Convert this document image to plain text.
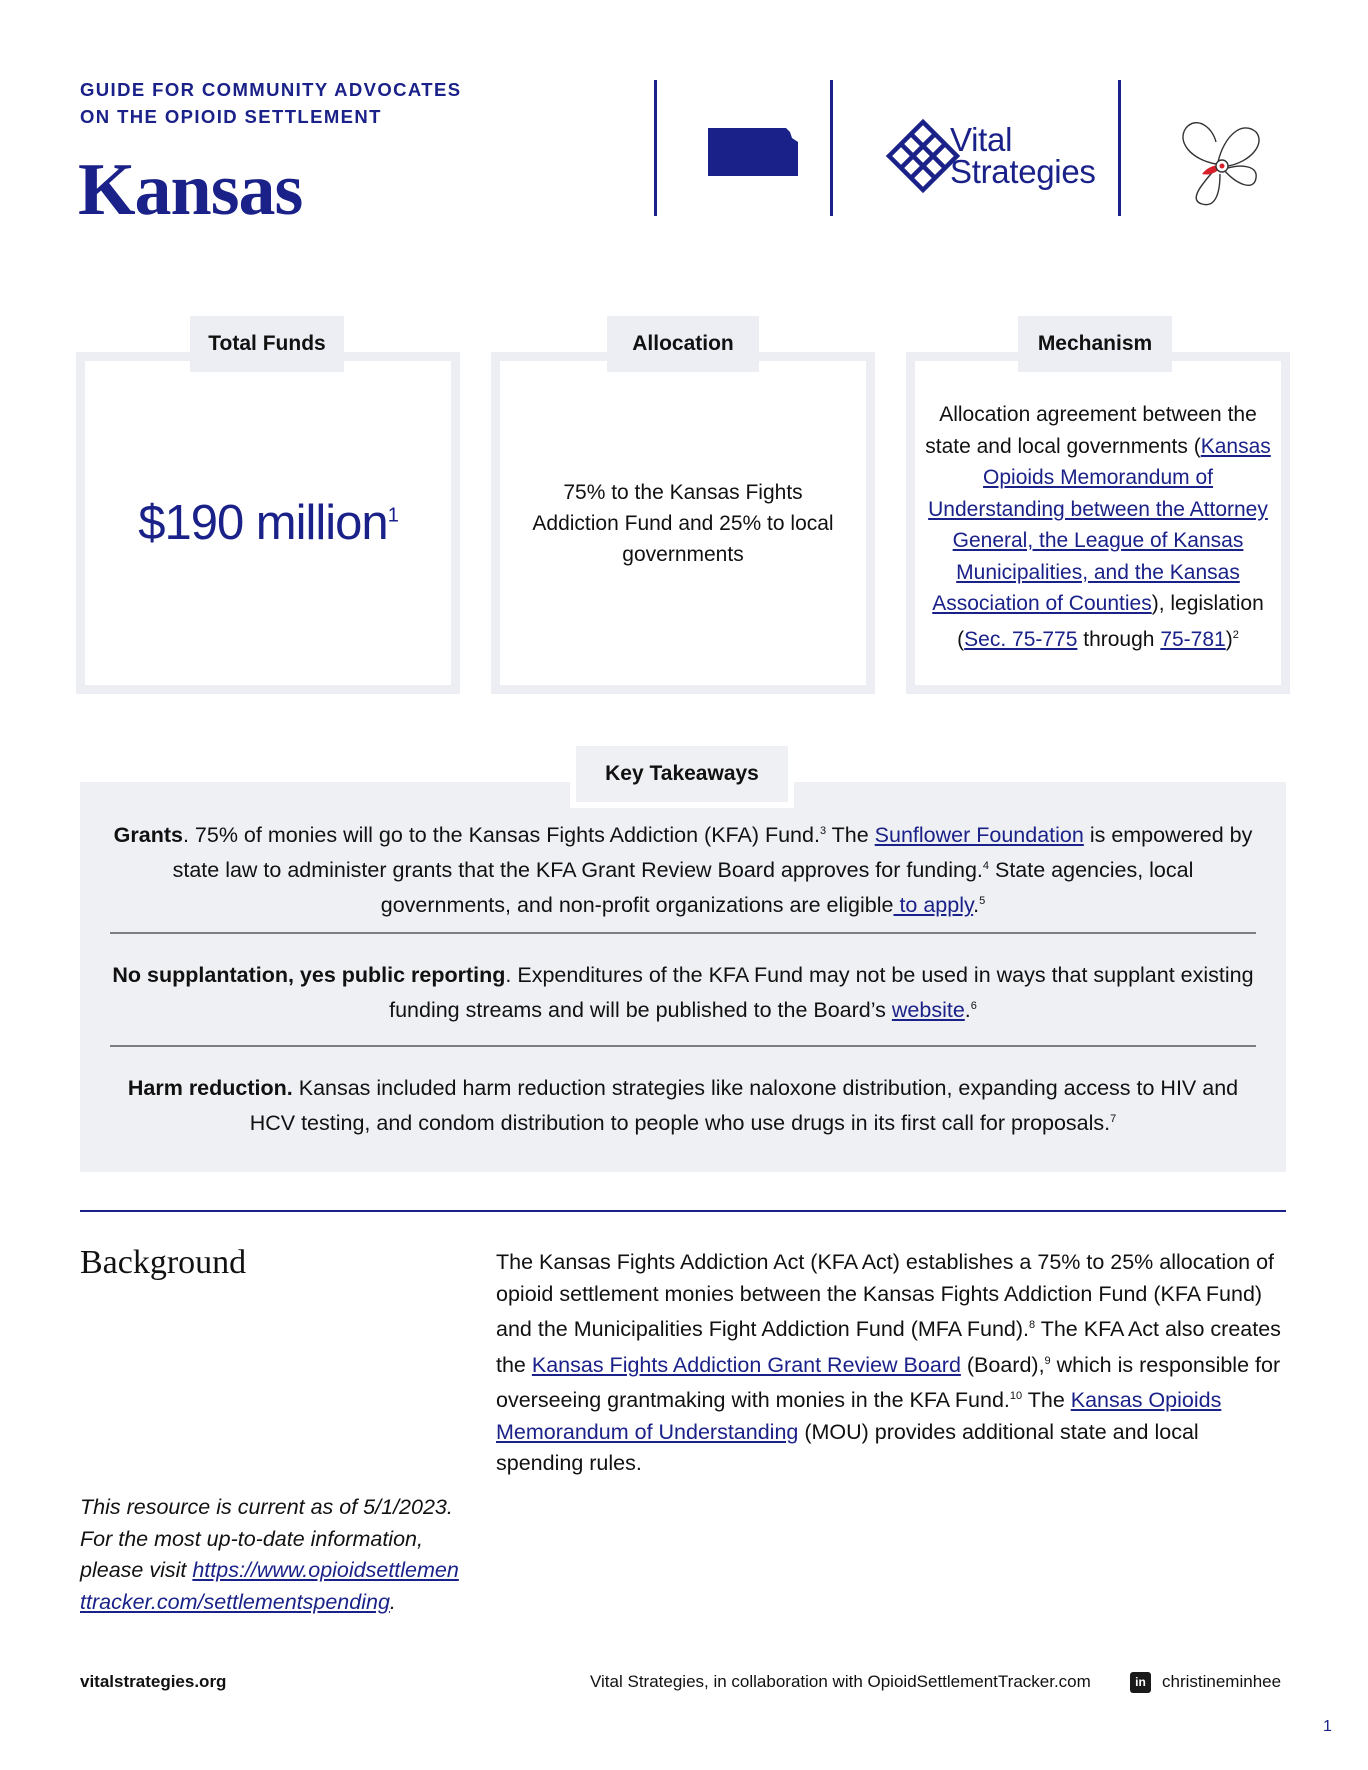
GUIDE FOR COMMUNITY ADVOCATES
ON THE OPIOID SETTLEMENT
Kansas
Vital
Strategies
$190 million$^1$
Total Funds
75% to the Kansas Fights Addiction Fund and 25% to local governments
Allocation
Allocation agreement between the state and local governments (Kansas Opioids Memorandum of Understanding between the Attorney General, the League of Kansas Municipalities, and the Kansas Association of Counties), legislation (Sec. 75-775 through 75-781)$^2$
Mechanism
Key Takeaways
Grants. 75% of monies will go to the Kansas Fights Addiction (KFA) Fund.$^3$ The Sunflower Foundation is empowered by state law to administer grants that the KFA Grant Review Board approves for funding.$^4$ State agencies, local governments, and non-profit organizations are eligible to apply.$^5$
No supplantation, yes public reporting. Expenditures of the KFA Fund may not be used in ways that supplant existing funding streams and will be published to the Board’s website.$^6$
Harm reduction. Kansas included harm reduction strategies like naloxone distribution, expanding access to HIV and HCV testing, and condom distribution to people who use drugs in its first call for proposals.$^7$
Background	The Kansas Fights Addiction Act (KFA Act) establishes a 75% to 25% allocation of opioid settlement monies between the Kansas Fights Addiction Fund (KFA Fund) and the Municipalities Fight Addiction Fund (MFA Fund).$^8$ The KFA Act also creates the Kansas Fights Addiction Grant Review Board (Board),$^9$ which is responsible for overseeing grantmaking with monies in the KFA Fund.$^{10}$ The Kansas Opioids Memorandum of Understanding (MOU) provides additional state and local spending rules.
This resource is current as of 5/1/2023. For the most up-to-date information, please visit https://www.opioidsettlementtracker.com/settlementspending.
vitalstrategies.org	Vital Strategies, in collaboration with OpioidSettlementTracker.com	in christineminhee
1
